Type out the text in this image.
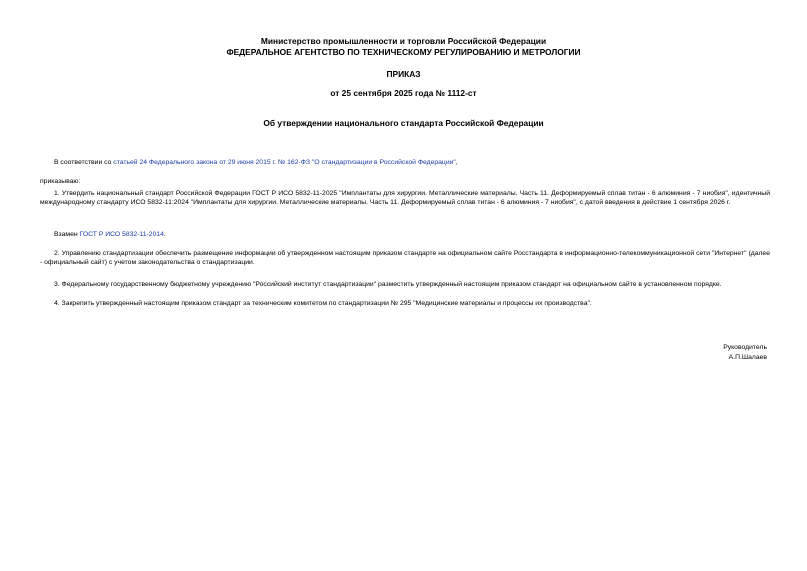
Министерство промышленности и торговли Российской Федерации
ФЕДЕРАЛЬНОЕ АГЕНТСТВО ПО ТЕХНИЧЕСКОМУ РЕГУЛИРОВАНИЮ И МЕТРОЛОГИИ
ПРИКАЗ
от 25 сентября 2025 года № 1112-ст
Об утверждении национального стандарта Российской Федерации
В соответствии со статьей 24 Федерального закона от 29 июня 2015 г. № 162-ФЗ "О стандартизации в Российской Федерации",
приказываю:
1. Утвердить национальный стандарт Российской Федерации ГОСТ Р ИСО 5832-11-2025 "Имплантаты для хирургии. Металлические материалы. Часть 11. Деформируемый сплав титан - 6 алюминия - 7 ниобия", идентичный международному стандарту ИСО 5832-11:2024 "Имплантаты для хирургии. Металлические материалы. Часть 11. Деформируемый сплав титан - 6 алюминия - 7 ниобия", с датой введения в действие 1 сентября 2026 г.
Взамен ГОСТ Р ИСО 5832-11-2014.
2. Управлению стандартизации обеспечить размещение информации об утвержденном настоящим приказом стандарте на официальном сайте Росстандарта в информационно-телекоммуникационной сети "Интернет" (далее - официальный сайт) с учетом законодательства о стандартизации.
3. Федеральному государственному бюджетному учреждению "Российский институт стандартизации" разместить утвержденный настоящим приказом стандарт на официальном сайте в установленном порядке.
4. Закрепить утвержденный настоящим приказом стандарт за техническим комитетом по стандартизации № 295 "Медицинские материалы и процессы их производства".
Руководитель
А.П.Шалаев
